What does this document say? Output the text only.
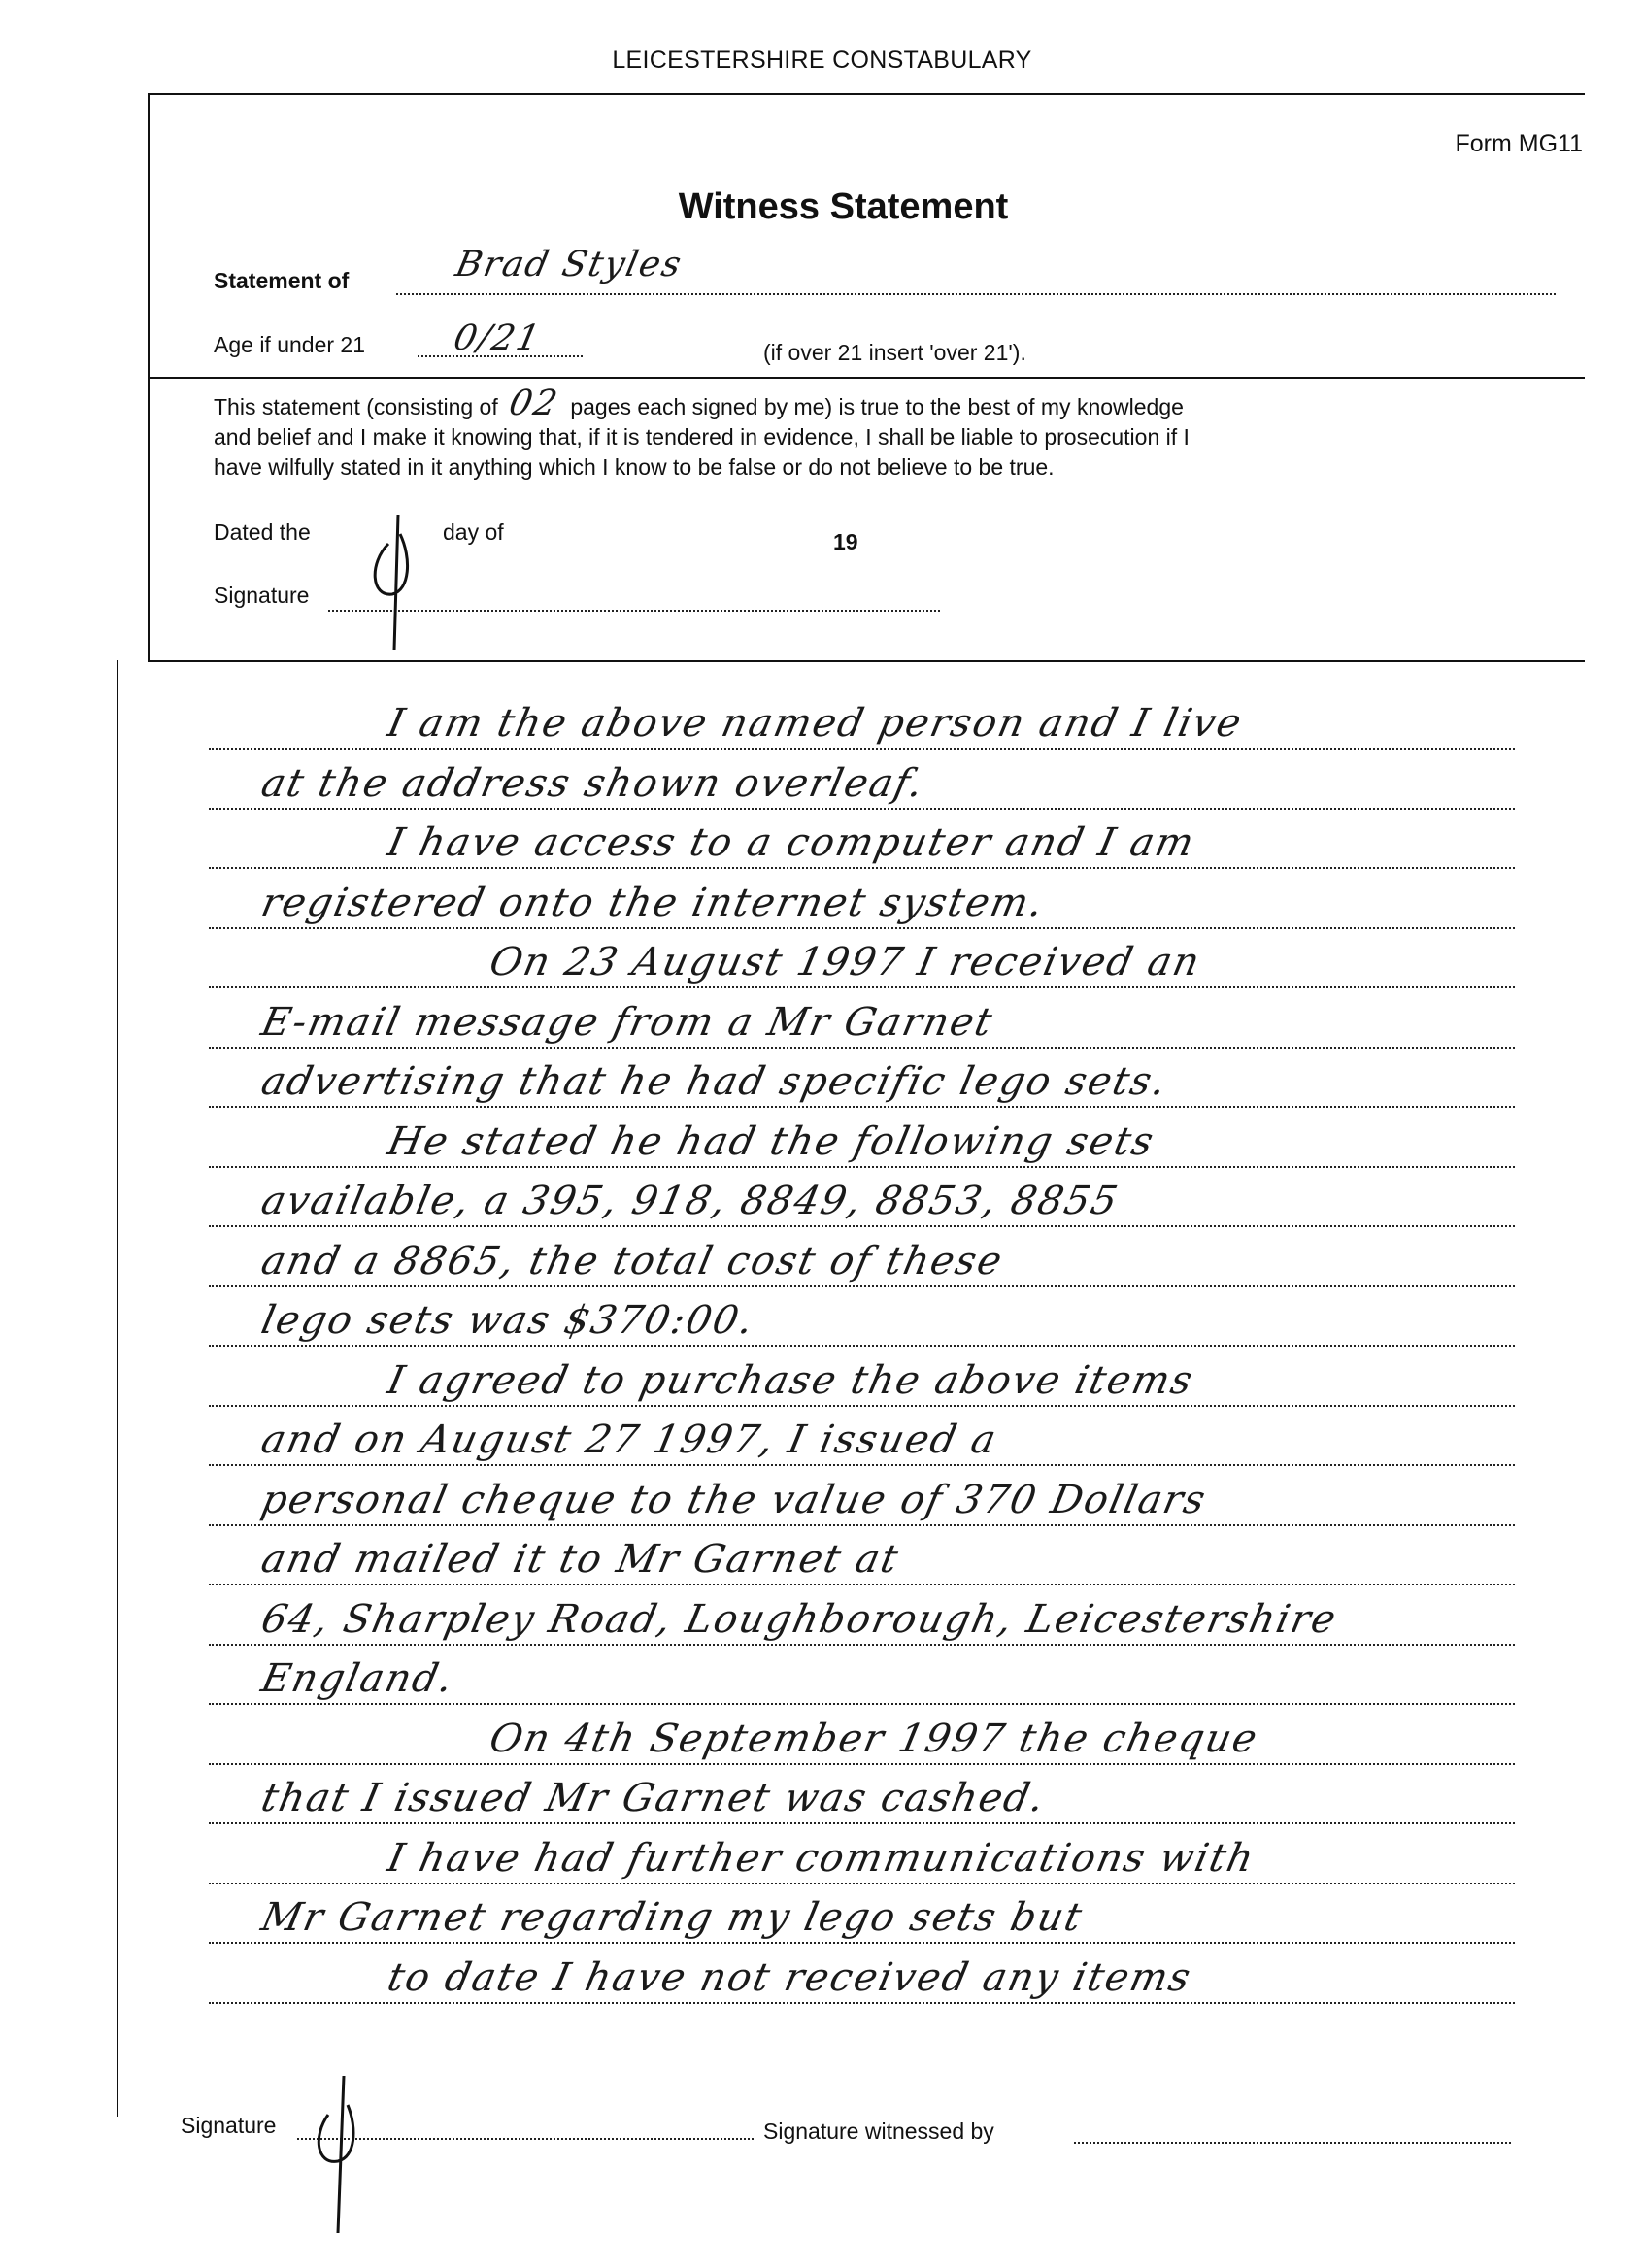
LEICESTERSHIRE CONSTABULARY
Form MG11
Witness Statement
Statement of	Brad Styles
Age if under 21 0/21	(if over 21 insert 'over 21').
This statement (consisting of 02 pages each signed by me) is true to the best of my knowledge
and belief and I make it knowing that, if it is tendered in evidence, I shall be liable to prosecution if I
have wilfully stated in it anything which I know to be false or do not believe to be true.
Dated the	day of	19
Signature
I am the above named person and I live
at the address shown overleaf.
I have access to a computer and I am
registered onto the internet system.
On 23 August 1997 I received an
E-mail message from a Mr Garnet
advertising that he had specific lego sets.
He stated he had the following sets
available, a 395, 918, 8849, 8853, 8855
and a 8865, the total cost of these
lego sets was $370:00.
I agreed to purchase the above items
and on August 27 1997, I issued a
personal cheque to the value of 370 Dollars
and mailed it to Mr Garnet at
64, Sharpley Road, Loughborough, Leicestershire
England.
On 4th September 1997 the cheque
that I issued Mr Garnet was cashed.
I have had further communications with
Mr Garnet regarding my lego sets but
to date I have not received any items
Signature	Signature witnessed by
